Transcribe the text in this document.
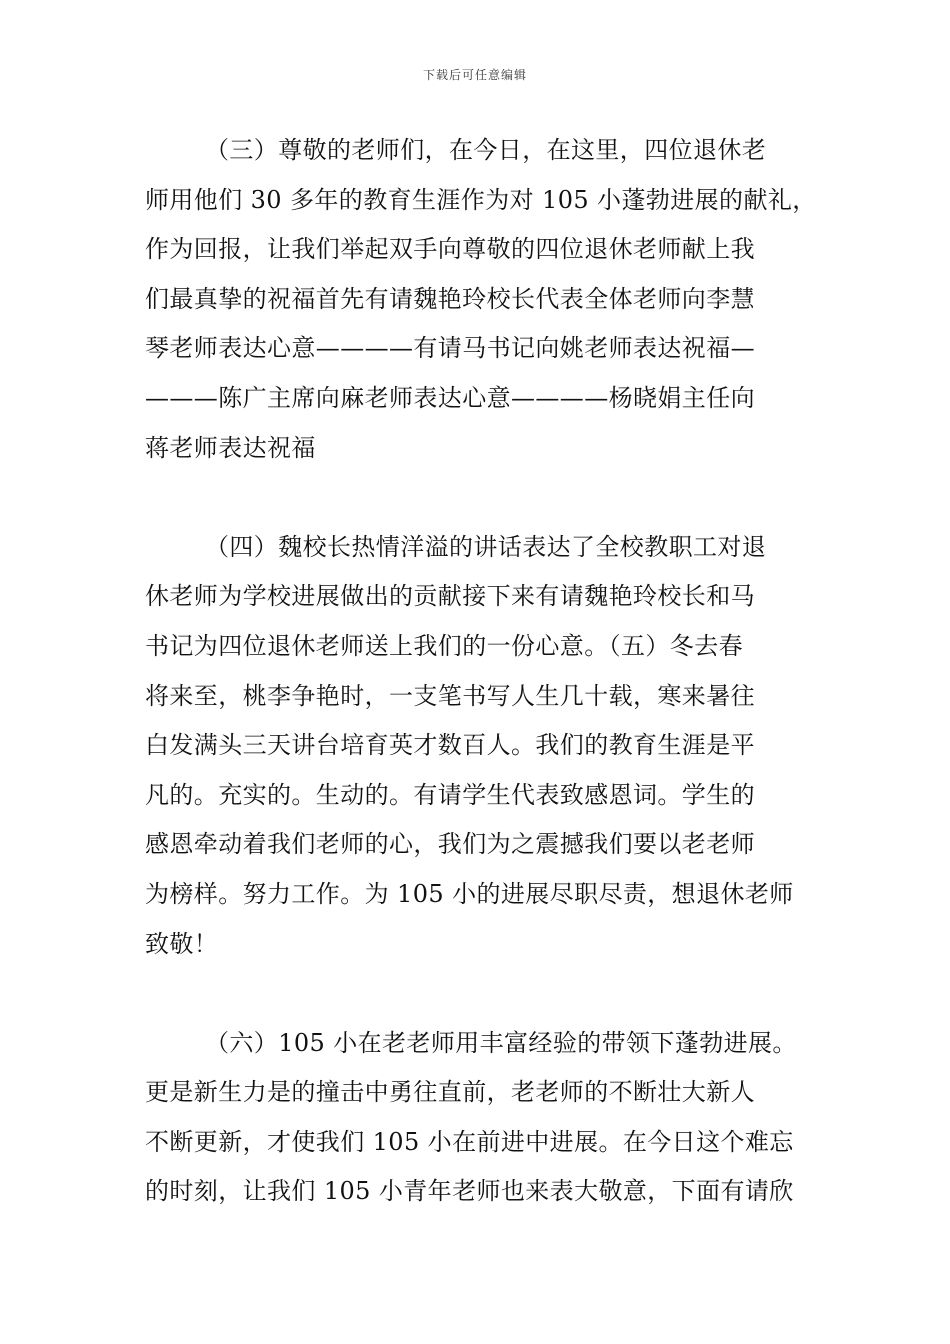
下载后可任意编辑
（三）尊敬的老师们，在今日，在这里，四位退休老
师用他们 30 多年的教育生涯作为对 105 小蓬勃进展的献礼，
作为回报，让我们举起双手向尊敬的四位退休老师献上我
们最真挚的祝福首先有请魏艳玲校长代表全体老师向李慧
琴老师表达心意————有请马书记向姚老师表达祝福—
———陈广主席向麻老师表达心意————杨晓娟主任向
蒋老师表达祝福
（四）魏校长热情洋溢的讲话表达了全校教职工对退
休老师为学校进展做出的贡献接下来有请魏艳玲校长和马
书记为四位退休老师送上我们的一份心意。（五）冬去春
将来至，桃李争艳时，一支笔书写人生几十载，寒来暑往
白发满头三天讲台培育英才数百人。我们的教育生涯是平
凡的。充实的。生动的。有请学生代表致感恩词。学生的
感恩牵动着我们老师的心，我们为之震撼我们要以老老师
为榜样。努力工作。为 105 小的进展尽职尽责，想退休老师
致敬！
（六）105 小在老老师用丰富经验的带领下蓬勃进展。
更是新生力是的撞击中勇往直前，老老师的不断壮大新人
不断更新，才使我们 105 小在前进中进展。在今日这个难忘
的时刻，让我们 105 小青年老师也来表大敬意，下面有请欣
